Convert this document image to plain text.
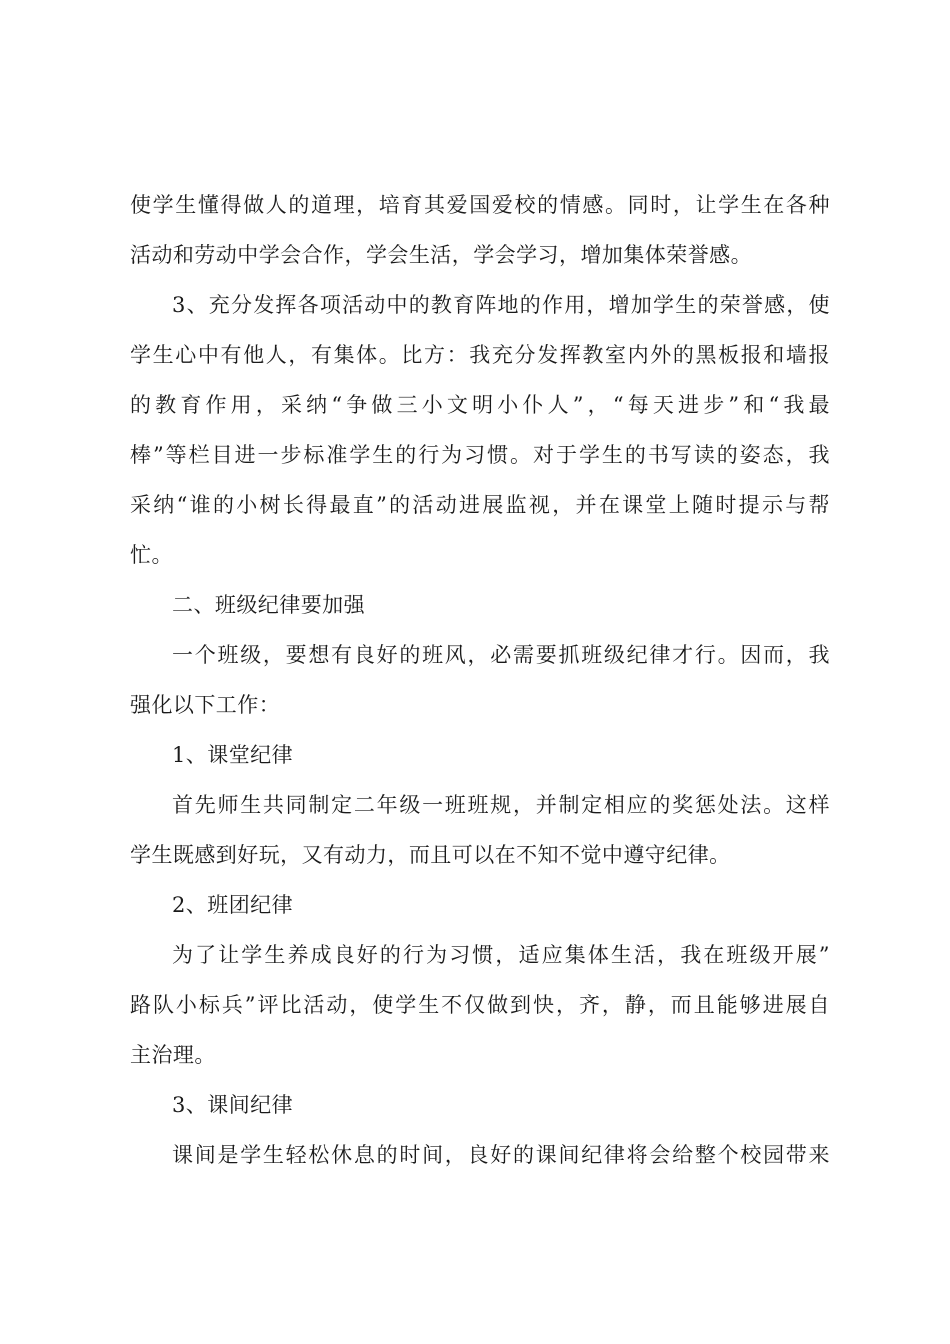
使学生懂得做人的道理，培育其爱国爱校的情感。同时，让学生在各种
活动和劳动中学会合作，学会生活，学会学习，增加集体荣誉感。
3、充分发挥各项活动中的教育阵地的作用，增加学生的荣誉感，使
学生心中有他人，有集体。比方：我充分发挥教室内外的黑板报和墙报
的教育作用，采纳“争做三小文明小仆人”，“每天进步”和“我最
棒”等栏目进一步标准学生的行为习惯。对于学生的书写读的姿态，我
采纳“谁的小树长得最直”的活动进展监视，并在课堂上随时提示与帮
忙。
二、班级纪律要加强
一个班级，要想有良好的班风，必需要抓班级纪律才行。因而，我
强化以下工作：
1、课堂纪律
首先师生共同制定二年级一班班规，并制定相应的奖惩处法。这样
学生既感到好玩，又有动力，而且可以在不知不觉中遵守纪律。
2、班团纪律
为了让学生养成良好的行为习惯，适应集体生活，我在班级开展”
路队小标兵”评比活动，使学生不仅做到快，齐，静，而且能够进展自
主治理。
3、课间纪律
课间是学生轻松休息的时间，良好的课间纪律将会给整个校园带来
